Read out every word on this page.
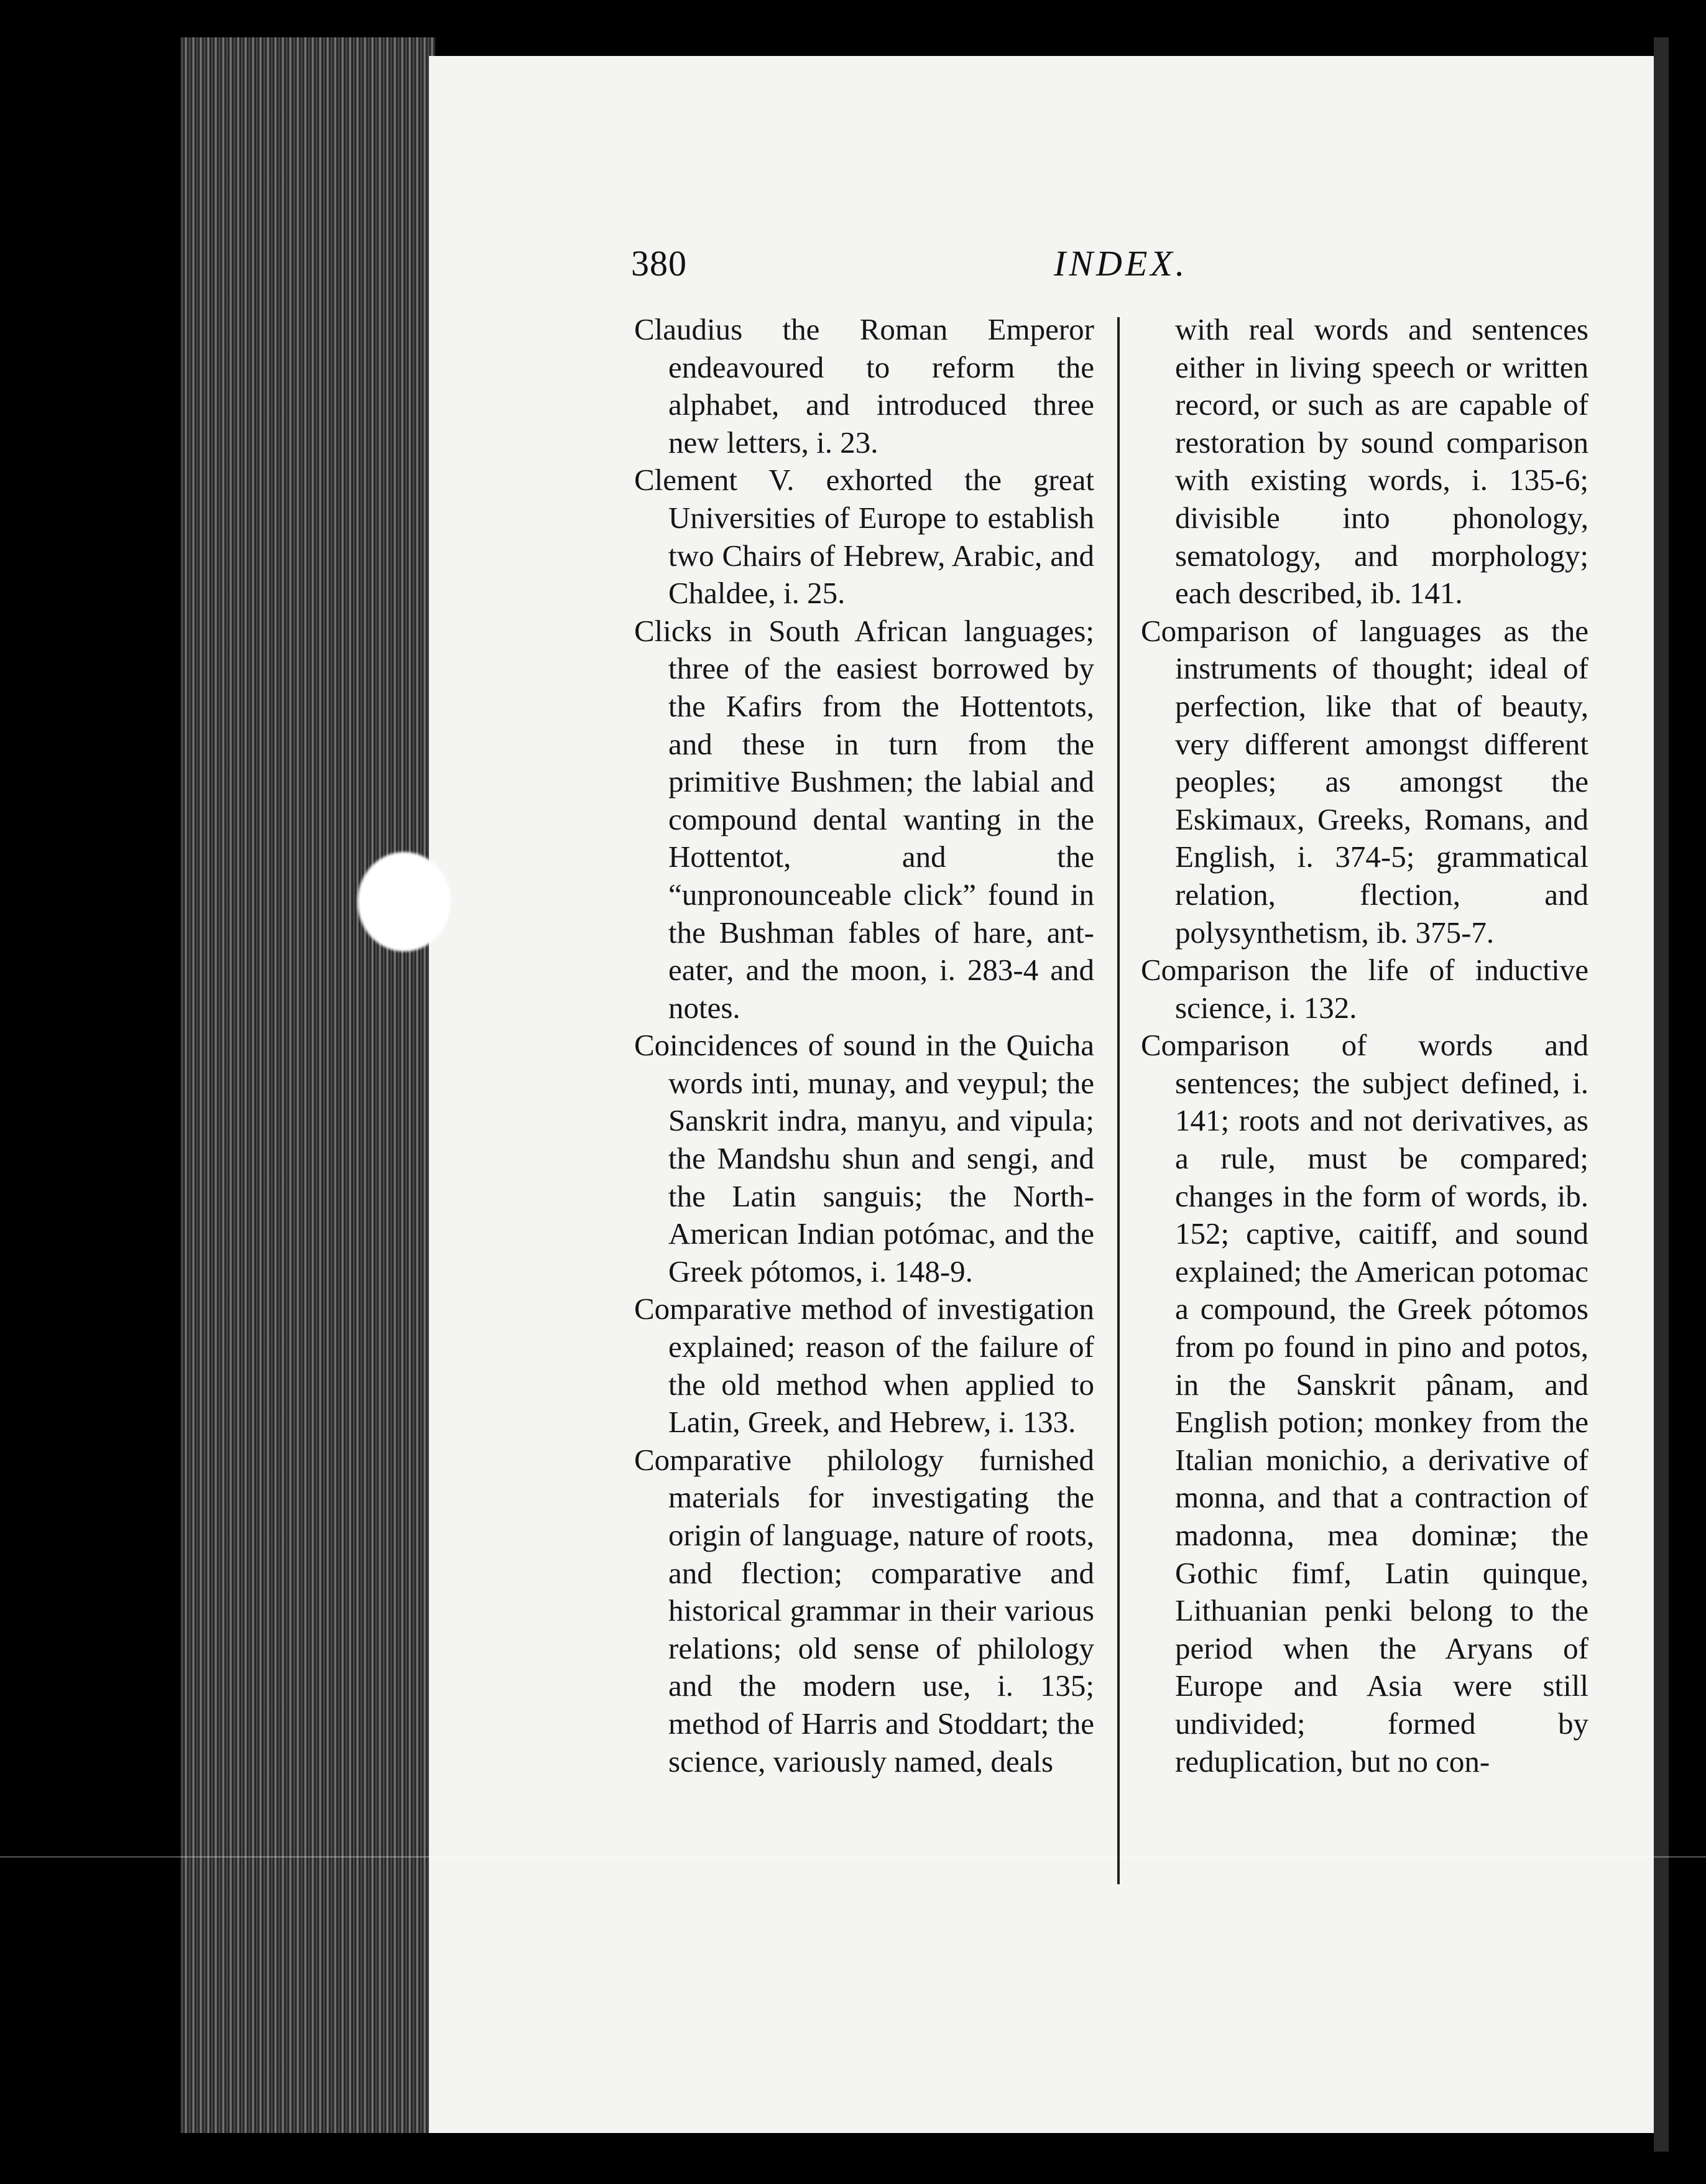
380	INDEX.

Claudius the Roman Emperor endeavoured to reform the alphabet, and introduced three new letters, i. 23.

Clement V. exhorted the great Universities of Europe to establish two Chairs of Hebrew, Arabic, and Chaldee, i. 25.

Clicks in South African languages; three of the easiest borrowed by the Kafirs from the Hottentots, and these in turn from the primitive Bushmen; the labial and compound dental wanting in the Hottentot, and the “unpronounceable click” found in the Bushman fables of hare, ant-eater, and the moon, i. 283-4 and notes.

Coincidences of sound in the Quicha words inti, munay, and veypul; the Sanskrit indra, manyu, and vipula; the Mandshu shun and sengi, and the Latin sanguis; the North-American Indian potómac, and the Greek pótomos, i. 148-9.

Comparative method of investigation explained; reason of the failure of the old method when applied to Latin, Greek, and Hebrew, i. 133.

Comparative philology furnished materials for investigating the origin of language, nature of roots, and flection; comparative and historical grammar in their various relations; old sense of philology and the modern use, i. 135; method of Harris and Stoddart; the science, variously named, deals

with real words and sentences either in living speech or written record, or such as are capable of restoration by sound comparison with existing words, i. 135-6; divisible into phonology, sematology, and morphology; each described, ib. 141.

Comparison of languages as the instruments of thought; ideal of perfection, like that of beauty, very different amongst different peoples; as amongst the Eskimaux, Greeks, Romans, and English, i. 374-5; grammatical relation, flection, and polysynthetism, ib. 375-7.

Comparison the life of inductive science, i. 132.

Comparison of words and sentences; the subject defined, i. 141; roots and not derivatives, as a rule, must be compared; changes in the form of words, ib. 152; captive, caitiff, and sound explained; the American potomac a compound, the Greek pótomos from po found in pino and potos, in the Sanskrit pânam, and English potion; monkey from the Italian monichio, a derivative of monna, and that a contraction of madonna, mea dominæ; the Gothic fimf, Latin quinque, Lithuanian penki belong to the period when the Aryans of Europe and Asia were still undivided; formed by reduplication, but no con-
